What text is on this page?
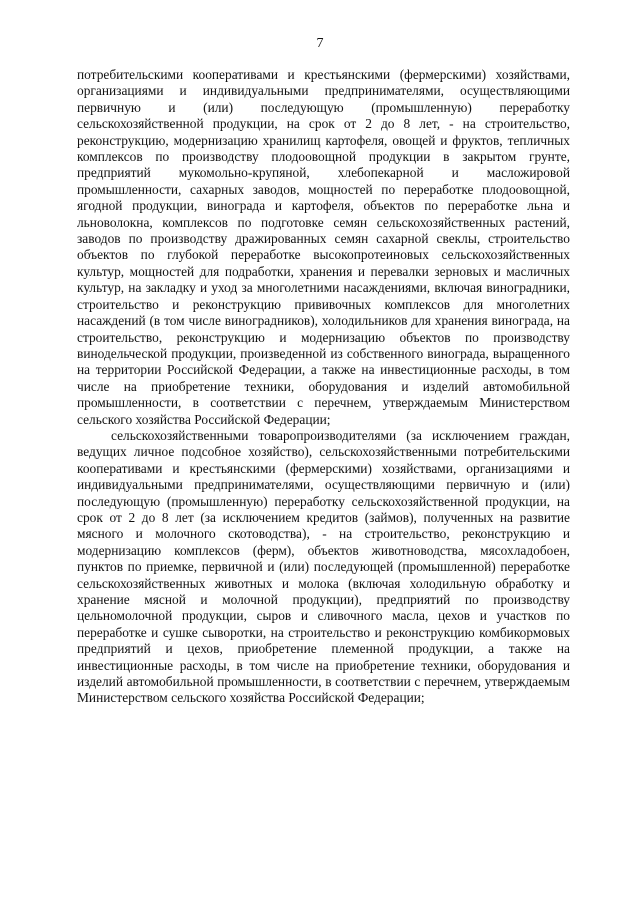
7

потребительскими кооперативами и крестьянскими (фермерскими) хозяйствами, организациями и индивидуальными предпринимателями, осуществляющими первичную и (или) последующую (промышленную) переработку сельскохозяйственной продукции, на срок от 2 до 8 лет, - на строительство, реконструкцию, модернизацию хранилищ картофеля, овощей и фруктов, тепличных комплексов по производству плодоовощной продукции в закрытом грунте, предприятий мукомольно-крупяной, хлебопекарной и масложировой промышленности, сахарных заводов, мощностей по переработке плодоовощной, ягодной продукции, винограда и картофеля, объектов по переработке льна и льноволокна, комплексов по подготовке семян сельскохозяйственных растений, заводов по производству дражированных семян сахарной свеклы, строительство объектов по глубокой переработке высокопротеиновых сельскохозяйственных культур, мощностей для подработки, хранения и перевалки зерновых и масличных культур, на закладку и уход за многолетними насаждениями, включая виноградники, строительство и реконструкцию прививочных комплексов для многолетних насаждений (в том числе виноградников), холодильников для хранения винограда, на строительство, реконструкцию и модернизацию объектов по производству винодельческой продукции, произведенной из собственного винограда, выращенного на территории Российской Федерации, а также на инвестиционные расходы, в том числе на приобретение техники, оборудования и изделий автомобильной промышленности, в соответствии с перечнем, утверждаемым Министерством сельского хозяйства Российской Федерации;

сельскохозяйственными товаропроизводителями (за исключением граждан, ведущих личное подсобное хозяйство), сельскохозяйственными потребительскими кооперативами и крестьянскими (фермерскими) хозяйствами, организациями и индивидуальными предпринимателями, осуществляющими первичную и (или) последующую (промышленную) переработку сельскохозяйственной продукции, на срок от 2 до 8 лет (за исключением кредитов (займов), полученных на развитие мясного и молочного скотоводства), - на строительство, реконструкцию и модернизацию комплексов (ферм), объектов животноводства, мясохладобоен, пунктов по приемке, первичной и (или) последующей (промышленной) переработке сельскохозяйственных животных и молока (включая холодильную обработку и хранение мясной и молочной продукции), предприятий по производству цельномолочной продукции, сыров и сливочного масла, цехов и участков по переработке и сушке сыворотки, на строительство и реконструкцию комбикормовых предприятий и цехов, приобретение племенной продукции, а также на инвестиционные расходы, в том числе на приобретение техники, оборудования и изделий автомобильной промышленности, в соответствии с перечнем, утверждаемым Министерством сельского хозяйства Российской Федерации;
